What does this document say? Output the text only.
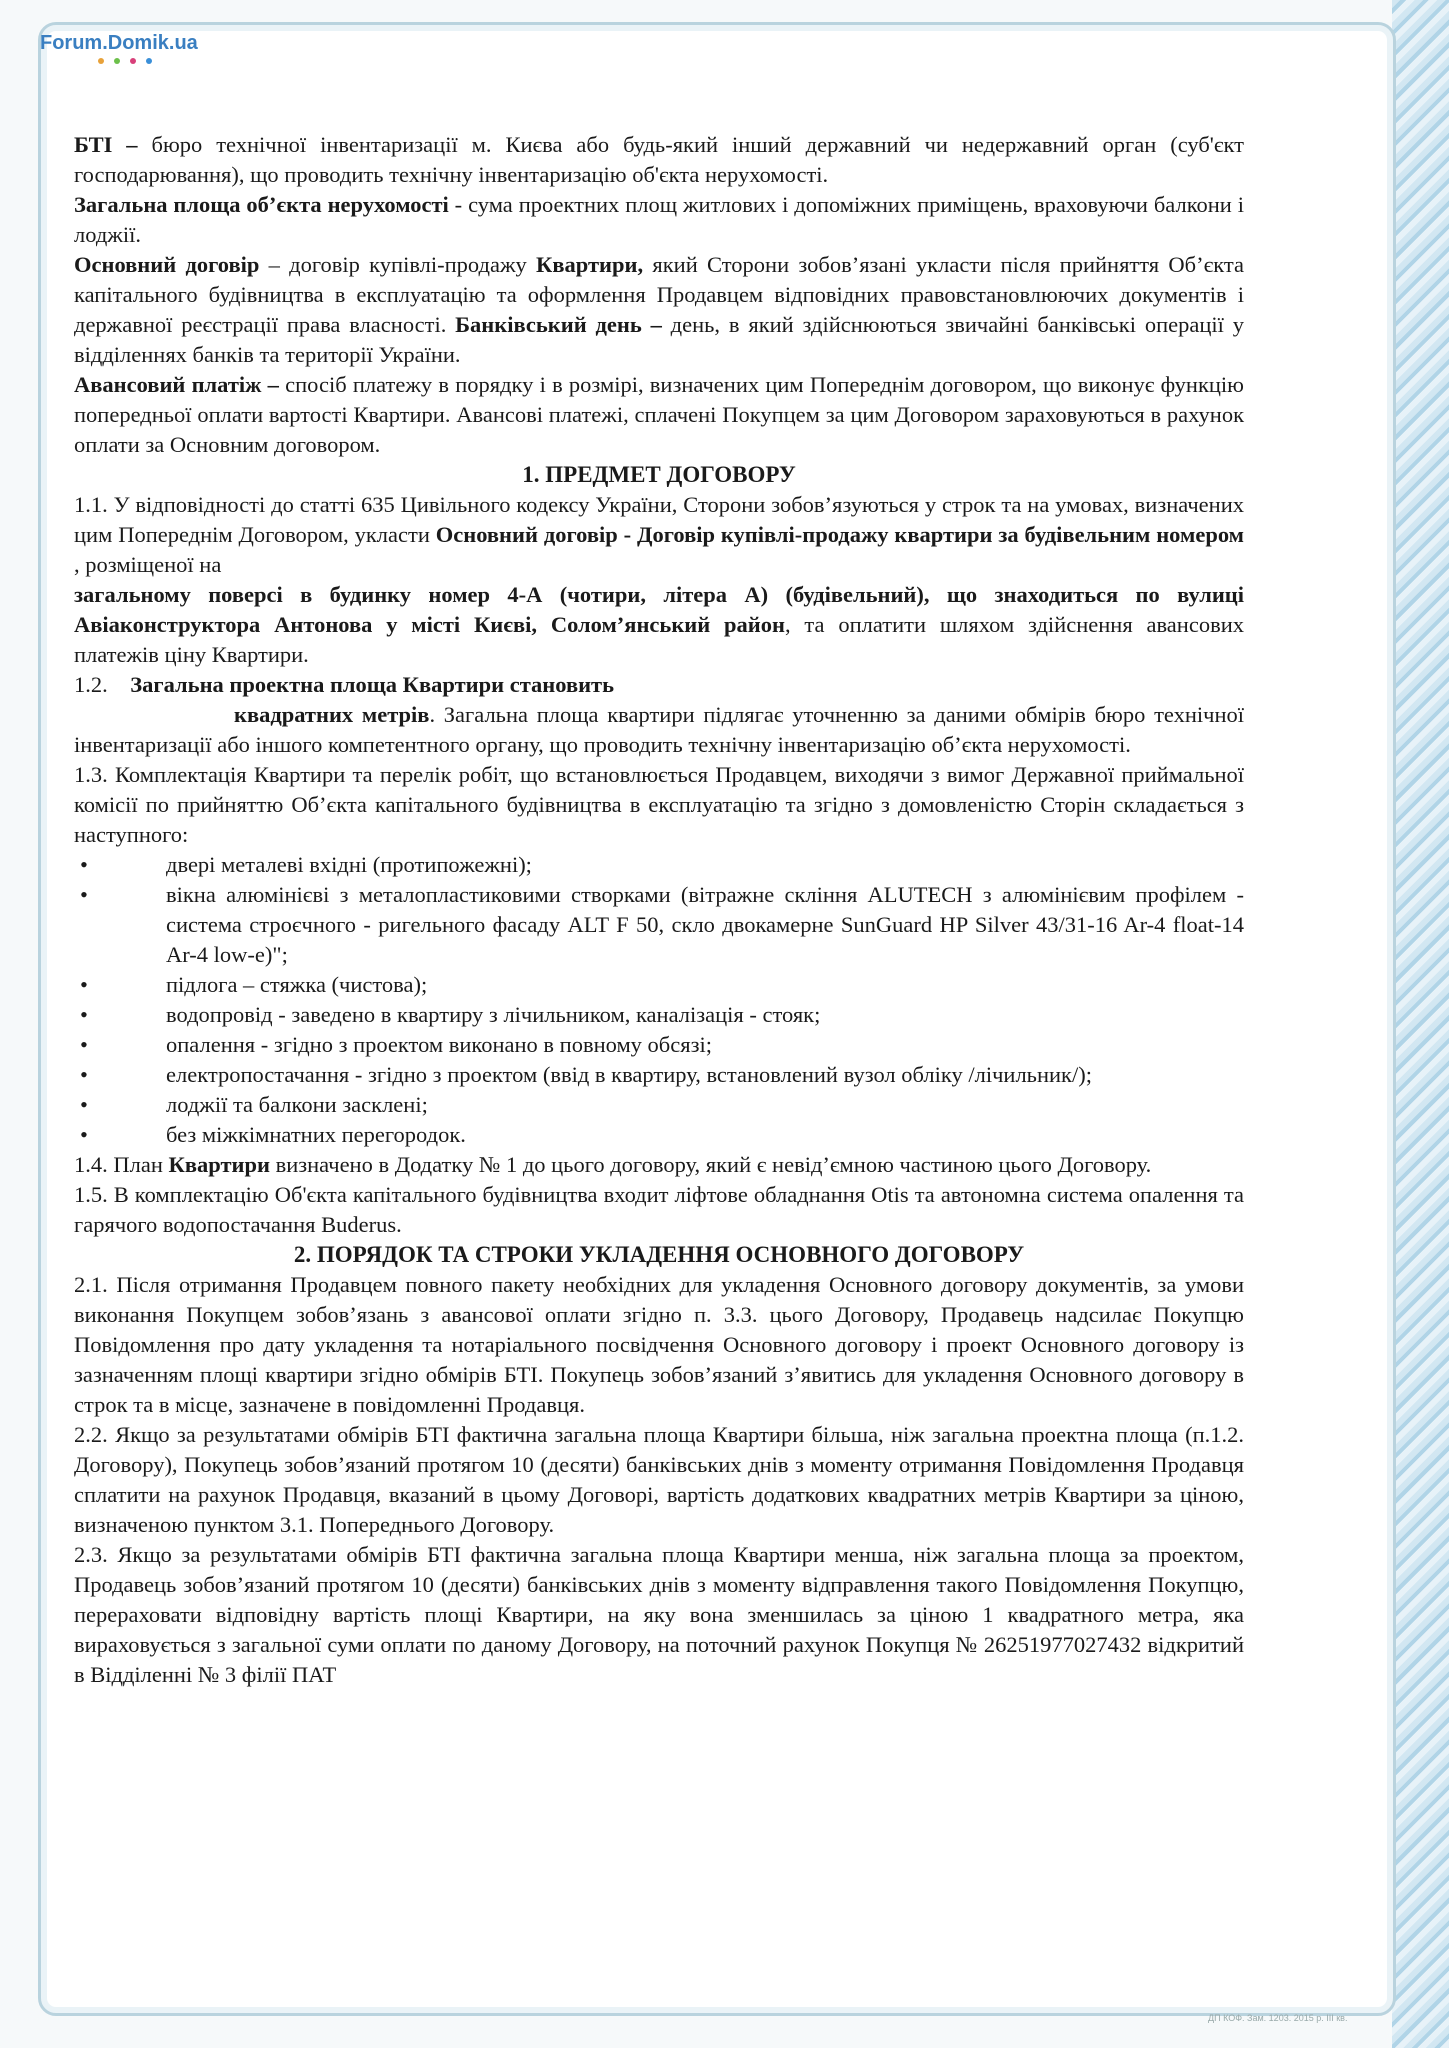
Forum.Domik.ua

БТІ – бюро технічної інвентаризації м. Києва або будь-який інший державний чи недержавний орган (суб'єкт господарювання), що проводить технічну інвентаризацію об'єкта нерухомості.

Загальна площа об’єкта нерухомості - сума проектних площ житлових і допоміжних приміщень, враховуючи балкони і лоджії.

Основний договір – договір купівлі-продажу Квартири, який Сторони зобов’язані укласти після прийняття Об’єкта капітального будівництва в експлуатацію та оформлення Продавцем відповідних правовстановлюючих документів і державної реєстрації права власності. Банківський день – день, в який здійснюються звичайні банківські операції у відділеннях банків та території України.

Авансовий платіж – спосіб платежу в порядку і в розмірі, визначених цим Попереднім договором, що виконує функцію попередньої оплати вартості Квартири. Авансові платежі, сплачені Покупцем за цим Договором зараховуються в рахунок оплати за Основним договором.

1. ПРЕДМЕТ ДОГОВОРУ

1.1. У відповідності до статті 635 Цивільного кодексу України, Сторони зобов’язуються у строк та на умовах, визначених цим Попереднім Договором, укласти Основний договір - Договір купівлі-продажу квартири за будівельним номером , розміщеної на
загальному поверсі в будинку номер 4-А (чотири, літера А) (будівельний), що знаходиться по вулиці Авіаконструктора Антонова у місті Києві, Солом’янський район, та оплатити шляхом здійснення авансових платежів ціну Квартири.

1.2. Загальна проектна площа Квартири становить
квадратних метрів. Загальна площа квартири підлягає уточненню за даними обмірів бюро технічної інвентаризації або іншого компетентного органу, що проводить технічну інвентаризацію об’єкта нерухомості.

1.3. Комплектація Квартири та перелік робіт, що встановлюється Продавцем, виходячи з вимог Державної приймальної комісії по прийняттю Об’єкта капітального будівництва в експлуатацію та згідно з домовленістю Сторін складається з наступного:

•	двері металеві вхідні (протипожежні);
•	вікна алюмінієві з металопластиковими створками (вітражне скління ALUTECH з алюмінієвим профілем - система строєчного - ригельного фасаду ALT F 50, скло двокамерне SunGuard HP Silver 43/31-16 Ar-4 float-14 Ar-4 low-e)";
•	підлога – стяжка (чистова);
•	водопровід - заведено в квартиру з лічильником, каналізація - стояк;
•	опалення - згідно з проектом виконано в повному обсязі;
•	електропостачання - згідно з проектом (ввід в квартиру, встановлений вузол обліку /лічильник/);
•	лоджії та балкони засклені;
•	без міжкімнатних перегородок.

1.4. План Квартири визначено в Додатку № 1 до цього договору, який є невід’ємною частиною цього Договору.

1.5. В комплектацію Об'єкта капітального будівництва входит ліфтове обладнання Otis та автономна система опалення та гарячого водопостачання Buderus.

2. ПОРЯДОК ТА СТРОКИ УКЛАДЕННЯ ОСНОВНОГО ДОГОВОРУ

2.1. Після отримання Продавцем повного пакету необхідних для укладення Основного договору документів, за умови виконання Покупцем зобов’язань з авансової оплати згідно п. 3.3. цього Договору, Продавець надсилає Покупцю Повідомлення про дату укладення та нотаріального посвідчення Основного договору і проект Основного договору із зазначенням площі квартири згідно обмірів БТІ. Покупець зобов’язаний з’явитись для укладення Основного договору в строк та в місце, зазначене в повідомленні Продавця.

2.2. Якщо за результатами обмірів БТІ фактична загальна площа Квартири більша, ніж загальна проектна площа (п.1.2. Договору), Покупець зобов’язаний протягом 10 (десяти) банківських днів з моменту отримання Повідомлення Продавця сплатити на рахунок Продавця, вказаний в цьому Договорі, вартість додаткових квадратних метрів Квартири за ціною, визначеною пунктом 3.1. Попереднього Договору.

2.3. Якщо за результатами обмірів БТІ фактична загальна площа Квартири менша, ніж загальна площа за проектом, Продавець зобов’язаний протягом 10 (десяти) банківських днів з моменту відправлення такого Повідомлення Покупцю, перераховати відповідну вартість площі Квартири, на яку вона зменшилась за ціною 1 квадратного метра, яка вираховується з загальної суми оплати по даному Договору, на поточний рахунок Покупця № 26251977027432 відкритий в Відділенні № 3 філії ПАТ

ДП КОФ. Зам. 1203. 2015 р. III кв.
